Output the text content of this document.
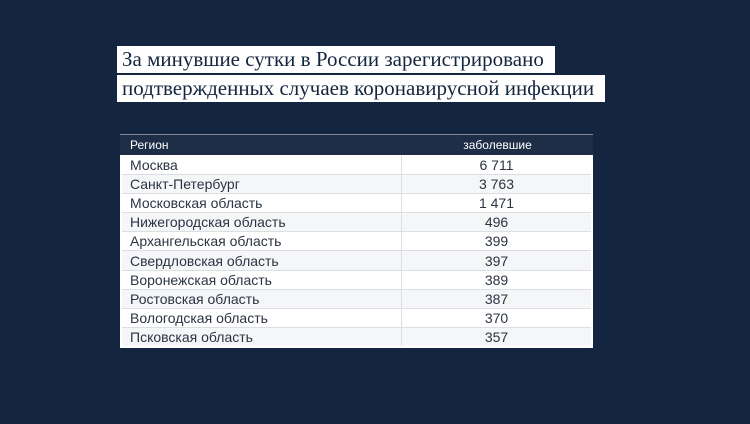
За минувшие сутки в России зарегистрировано
подтвержденных случаев коронавирусной инфекции
Регион	заболевшие
Москва	6 711
Санкт-Петербург	3 763
Московская область	1 471
Нижегородская область	496
Архангельская область	399
Свердловская область	397
Воронежская область	389
Ростовская область	387
Вологодская область	370
Псковская область	357
